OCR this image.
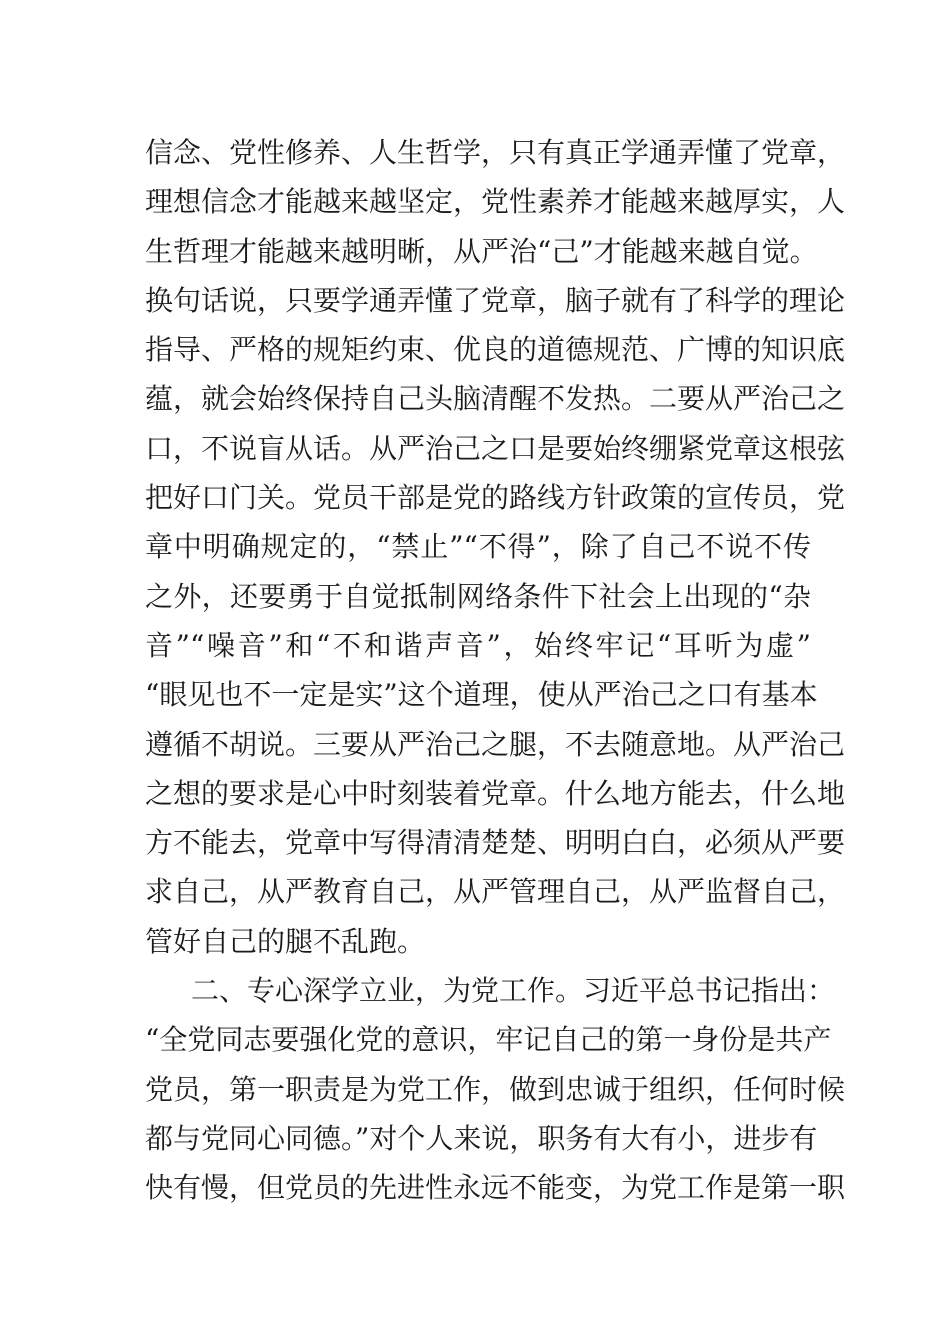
信念、党性修养、人生哲学，只有真正学通弄懂了党章，
理想信念才能越来越坚定，党性素养才能越来越厚实，人
生哲理才能越来越明晰，从严治“己”才能越来越自觉。
换句话说，只要学通弄懂了党章，脑子就有了科学的理论
指导、严格的规矩约束、优良的道德规范、广博的知识底
蕴，就会始终保持自己头脑清醒不发热。二要从严治己之
口，不说盲从话。从严治己之口是要始终绷紧党章这根弦
把好口门关。党员干部是党的路线方针政策的宣传员，党
章中明确规定的，“禁止”“不得”，除了自己不说不传
之外，还要勇于自觉抵制网络条件下社会上出现的“杂
音”“噪音”和“不和谐声音”，始终牢记“耳听为虚”
“眼见也不一定是实”这个道理，使从严治己之口有基本
遵循不胡说。三要从严治己之腿，不去随意地。从严治己
之想的要求是心中时刻装着党章。什么地方能去，什么地
方不能去，党章中写得清清楚楚、明明白白，必须从严要
求自己，从严教育自己，从严管理自己，从严监督自己，
管好自己的腿不乱跑。
二、专心深学立业，为党工作。习近平总书记指出：
“全党同志要强化党的意识，牢记自己的第一身份是共产
党员，第一职责是为党工作，做到忠诚于组织，任何时候
都与党同心同德。”对个人来说，职务有大有小，进步有
快有慢，但党员的先进性永远不能变，为党工作是第一职
